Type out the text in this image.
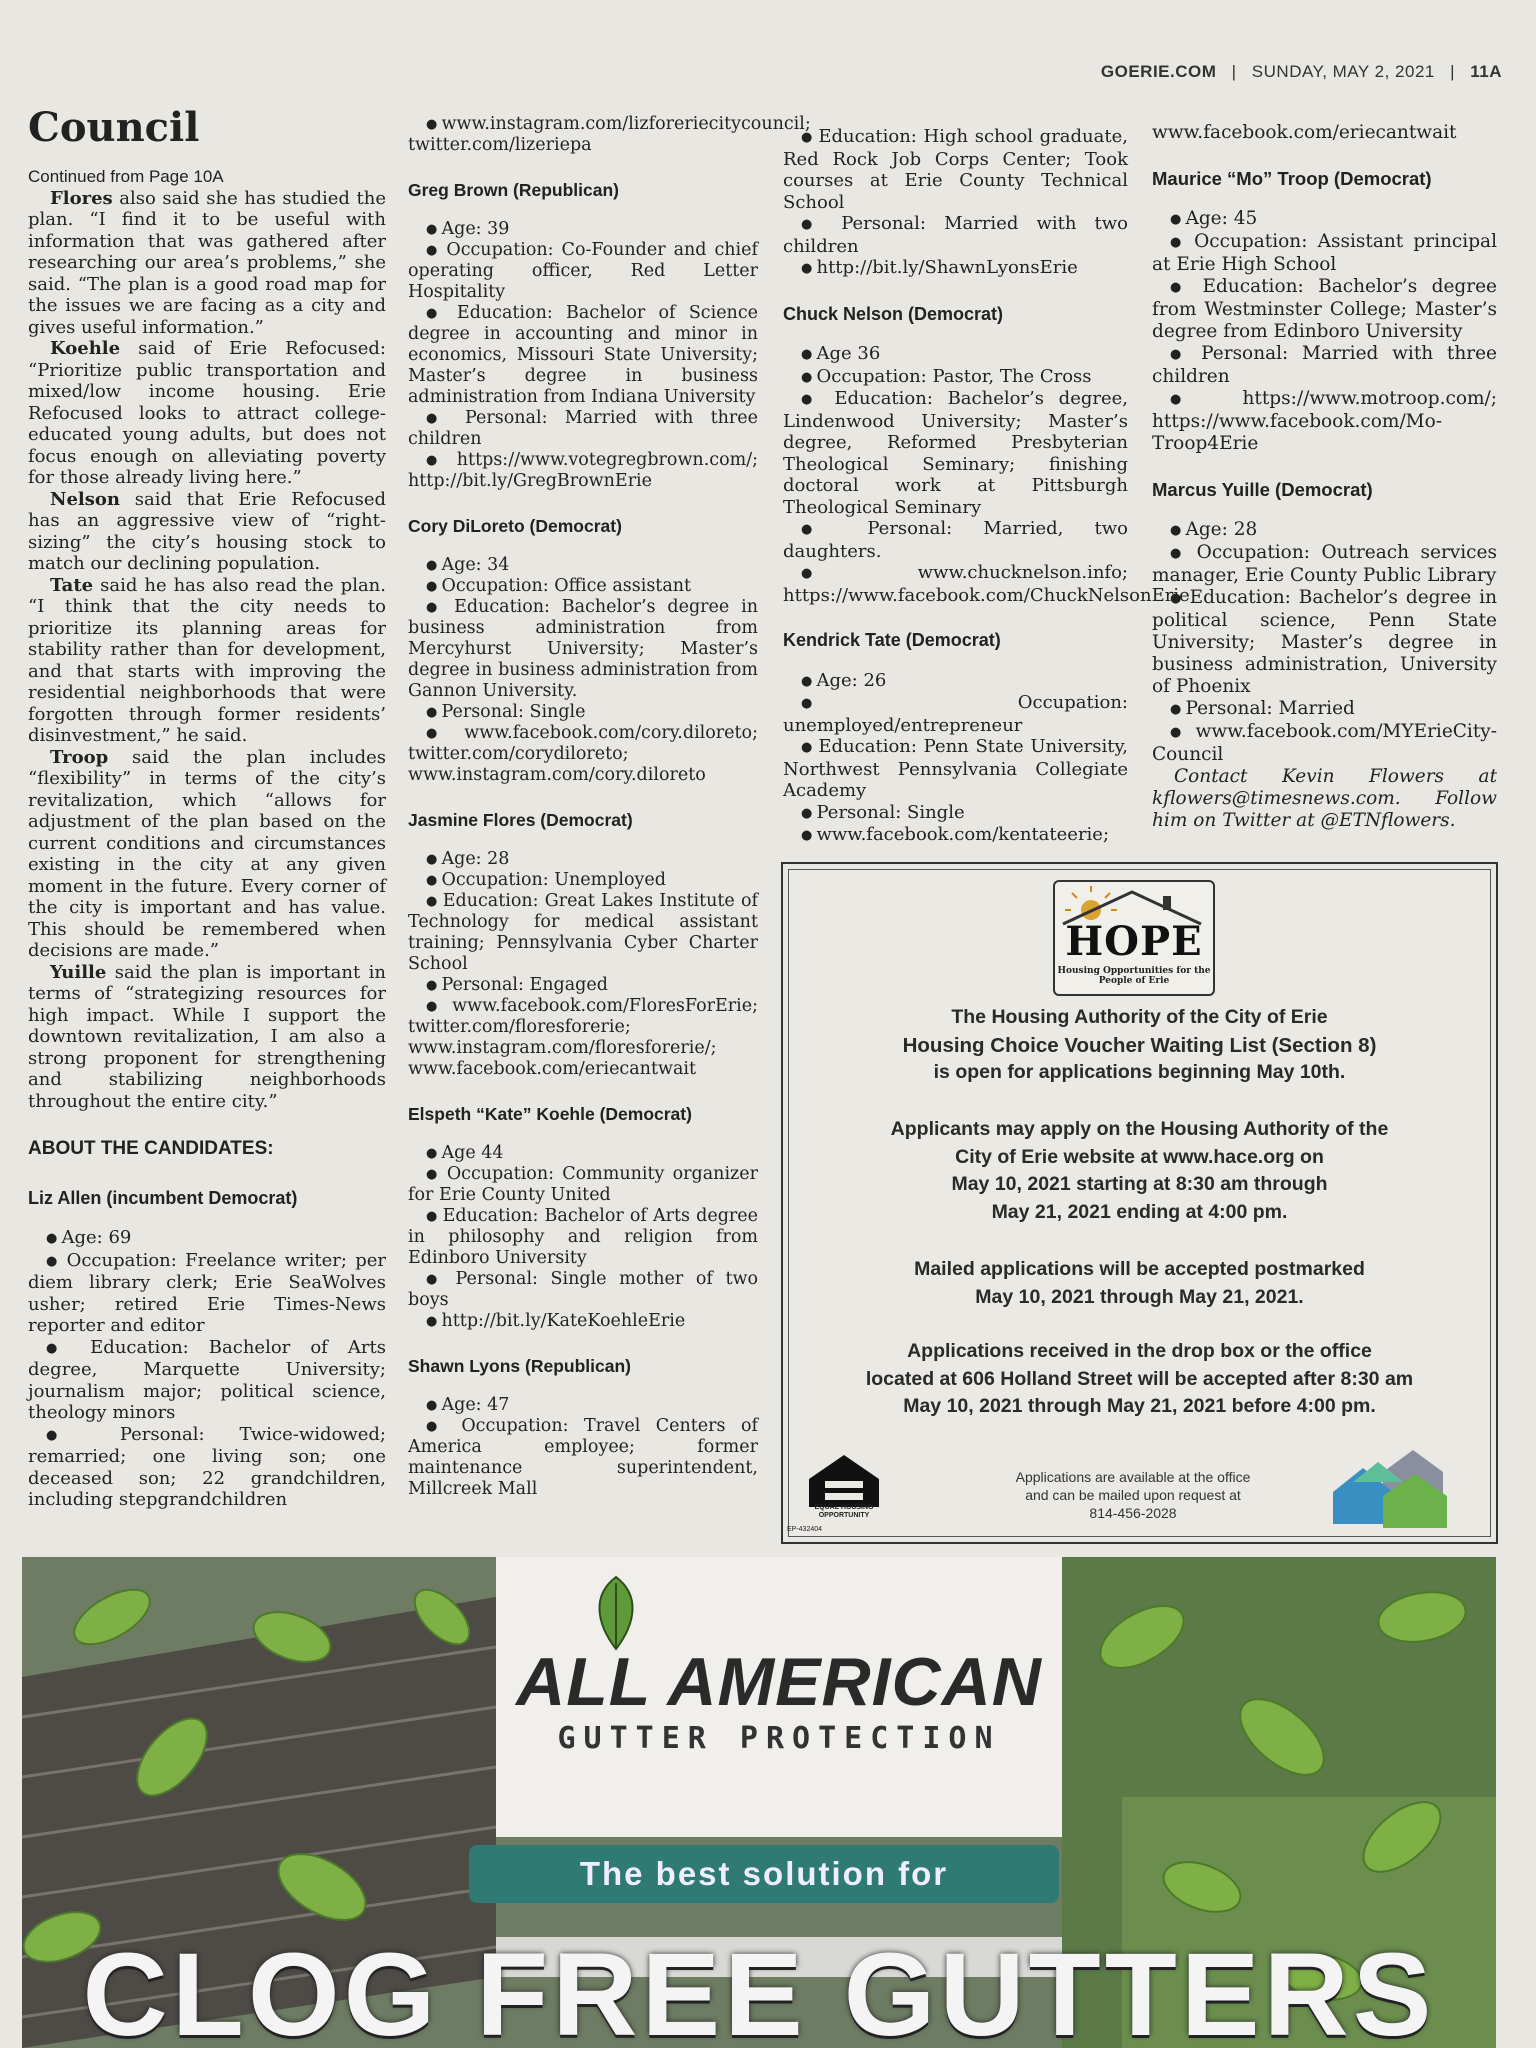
GOERIE.COM | SUNDAY, MAY 2, 2021 | 11A
Council

Continued from Page 10A

Flores also said she has studied the plan. “I find it to be useful with information that was gathered after researching our area’s problems,” she said. “The plan is a good road map for the issues we are facing as a city and gives useful information.”

Koehle said of Erie Refocused: “Prioritize public transportation and mixed/low income housing. Erie Refocused looks to attract college-educated young adults, but does not focus enough on alleviating poverty for those already living here.”

Nelson said that Erie Refocused has an aggressive view of “right-sizing” the city’s housing stock to match our declining population.

Tate said he has also read the plan. “I think that the city needs to prioritize its planning areas for stability rather than for development, and that starts with improving the residential neighborhoods that were forgotten through former residents’ disinvestment,” he said.

Troop said the plan includes “flexibility” in terms of the city’s revitalization, which “allows for adjustment of the plan based on the current conditions and circumstances existing in the city at any given moment in the future. Every corner of the city is important and has value. This should be remembered when decisions are made.”

Yuille said the plan is important in terms of “strategizing resources for high impact. While I support the downtown revitalization, I am also a strong proponent for strengthening and stabilizing neighborhoods throughout the entire city.”

ABOUT THE CANDIDATES:
Liz Allen (incumbent Democrat)

● Age: 69

● Occupation: Freelance writer; per diem library clerk; Erie SeaWolves usher; retired Erie Times-News reporter and editor

● Education: Bachelor of Arts degree, Marquette University; journalism major; political science, theology minors

● Personal: Twice-widowed; remarried; one living son; one deceased son; 22 grandchildren, including stepgrandchildren

● www.instagram.com/lizforeriecitycouncil; twitter.com/lizeriepa

Greg Brown (Republican)

● Age: 39

● Occupation: Co-Founder and chief operating officer, Red Letter Hospitality

● Education: Bachelor of Science degree in accounting and minor in economics, Missouri State University; Master’s degree in business administration from Indiana University

● Personal: Married with three children

● https://www.votegregbrown.com/; http://bit.ly/GregBrownErie

Cory DiLoreto (Democrat)

● Age: 34

● Occupation: Office assistant

● Education: Bachelor’s degree in business administration from Mercyhurst University; Master’s degree in business administration from Gannon University.

● Personal: Single

● www.facebook.com/cory.diloreto; twitter.com/corydiloreto; www.instagram.com/cory.diloreto

Jasmine Flores (Democrat)

● Age: 28

● Occupation: Unemployed

● Education: Great Lakes Institute of Technology for medical assistant training; Pennsylvania Cyber Charter School

● Personal: Engaged

● www.facebook.com/FloresForErie; twitter.com/floresforerie; www.instagram.com/floresforerie/; www.facebook.com/eriecantwait

Elspeth “Kate” Koehle (Democrat)

● Age 44

● Occupation: Community organizer for Erie County United

● Education: Bachelor of Arts degree in philosophy and religion from Edinboro University

● Personal: Single mother of two boys

● http://bit.ly/KateKoehleErie

Shawn Lyons (Republican)

● Age: 47

● Occupation: Travel Centers of America employee; former maintenance superintendent, Millcreek Mall

● Education: High school graduate, Red Rock Job Corps Center; Took courses at Erie County Technical School

● Personal: Married with two children

● http://bit.ly/ShawnLyonsErie

Chuck Nelson (Democrat)

● Age 36

● Occupation: Pastor, The Cross

● Education: Bachelor’s degree, Lindenwood University; Master’s degree, Reformed Presbyterian Theological Seminary; finishing doctoral work at Pittsburgh Theological Seminary

● Personal: Married, two daughters.

● www.chucknelson.info; https://www.facebook.com/ChuckNelsonErie

Kendrick Tate (Democrat)

● Age: 26

● Occupation: unemployed/entrepreneur

● Education: Penn State University, Northwest Pennsylvania Collegiate Academy

● Personal: Single

● www.facebook.com/kentateerie;

www.facebook.com/eriecantwait

Maurice “Mo” Troop (Democrat)

● Age: 45

● Occupation: Assistant principal at Erie High School

● Education: Bachelor’s degree from Westminster College; Master’s degree from Edinboro University

● Personal: Married with three children

● https://www.motroop.com/; https://www.facebook.com/Mo-Troop4Erie

Marcus Yuille (Democrat)

● Age: 28

● Occupation: Outreach services manager, Erie County Public Library

● Education: Bachelor’s degree in political science, Penn State University; Master’s degree in business administration, University of Phoenix

● Personal: Married

● www.facebook.com/MYErieCity-Council

Contact Kevin Flowers at kflowers@timesnews.com. Follow him on Twitter at @ETNflowers.

HOPE
Housing Opportunities for the People of Erie
The Housing Authority of the City of Erie
Housing Choice Voucher Waiting List (Section 8)
is open for applications beginning May 10th.
Applicants may apply on the Housing Authority of the
City of Erie website at www.hace.org on
May 10, 2021 starting at 8:30 am through
May 21, 2021 ending at 4:00 pm.
Mailed applications will be accepted postmarked
May 10, 2021 through May 21, 2021.
Applications received in the drop box or the office
located at 606 Holland Street will be accepted after 8:30 am
May 10, 2021 through May 21, 2021 before 4:00 pm.
EQUAL HOUSING OPPORTUNITY
EP-432404
Applications are available at the office
and can be mailed upon request at
814-456-2028
ALL AMERICAN
GUTTER PROTECTION
The best solution for
CLOG FREE GUTTERS
